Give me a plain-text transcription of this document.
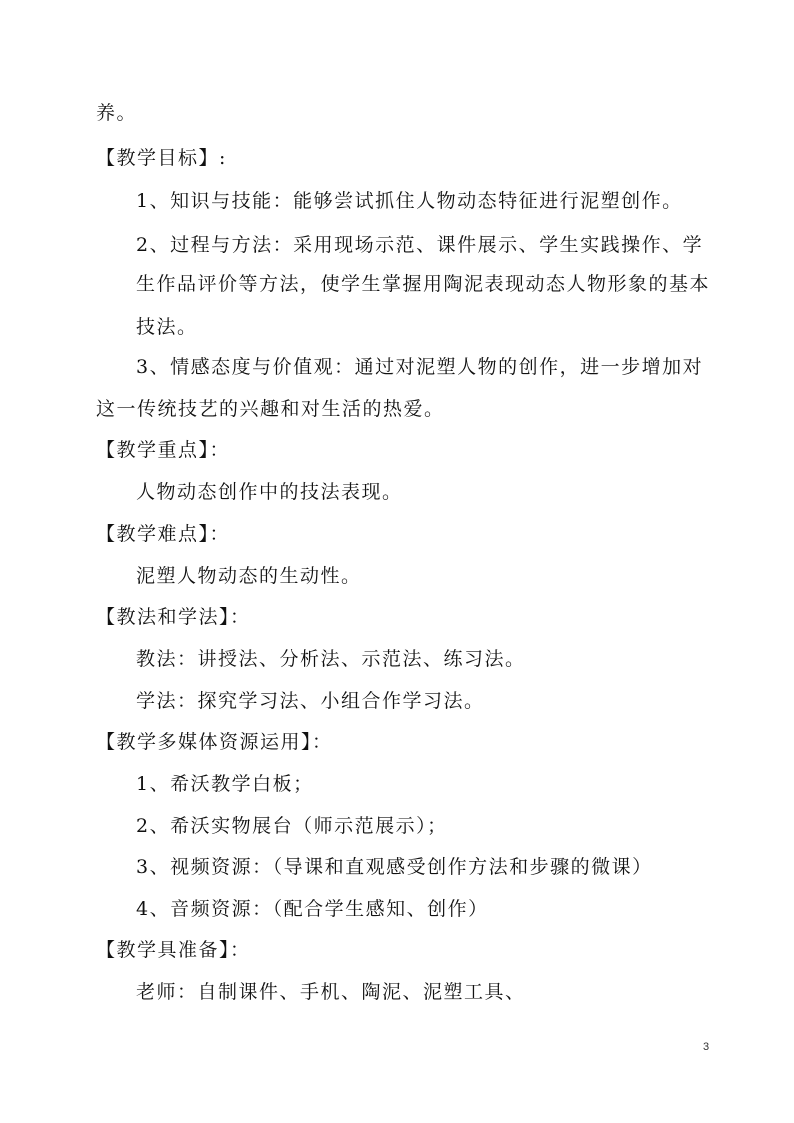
养。
【教学目标】:
1、知识与技能：能够尝试抓住人物动态特征进行泥塑创作。
2、过程与方法：采用现场示范、课件展示、学生实践操作、学
生作品评价等方法，使学生掌握用陶泥表现动态人物形象的基本
技法。
3、情感态度与价值观：通过对泥塑人物的创作，进一步增加对
这一传统技艺的兴趣和对生活的热爱。
【教学重点】：
人物动态创作中的技法表现。
【教学难点】：
泥塑人物动态的生动性。
【教法和学法】：
教法：讲授法、分析法、示范法、练习法。
学法：探究学习法、小组合作学习法。
【教学多媒体资源运用】：
1、希沃教学白板；
2、希沃实物展台（师示范展示）；
3、视频资源：（导课和直观感受创作方法和步骤的微课）
4、音频资源：（配合学生感知、创作）
【教学具准备】：
老师：自制课件、手机、陶泥、泥塑工具、
3
